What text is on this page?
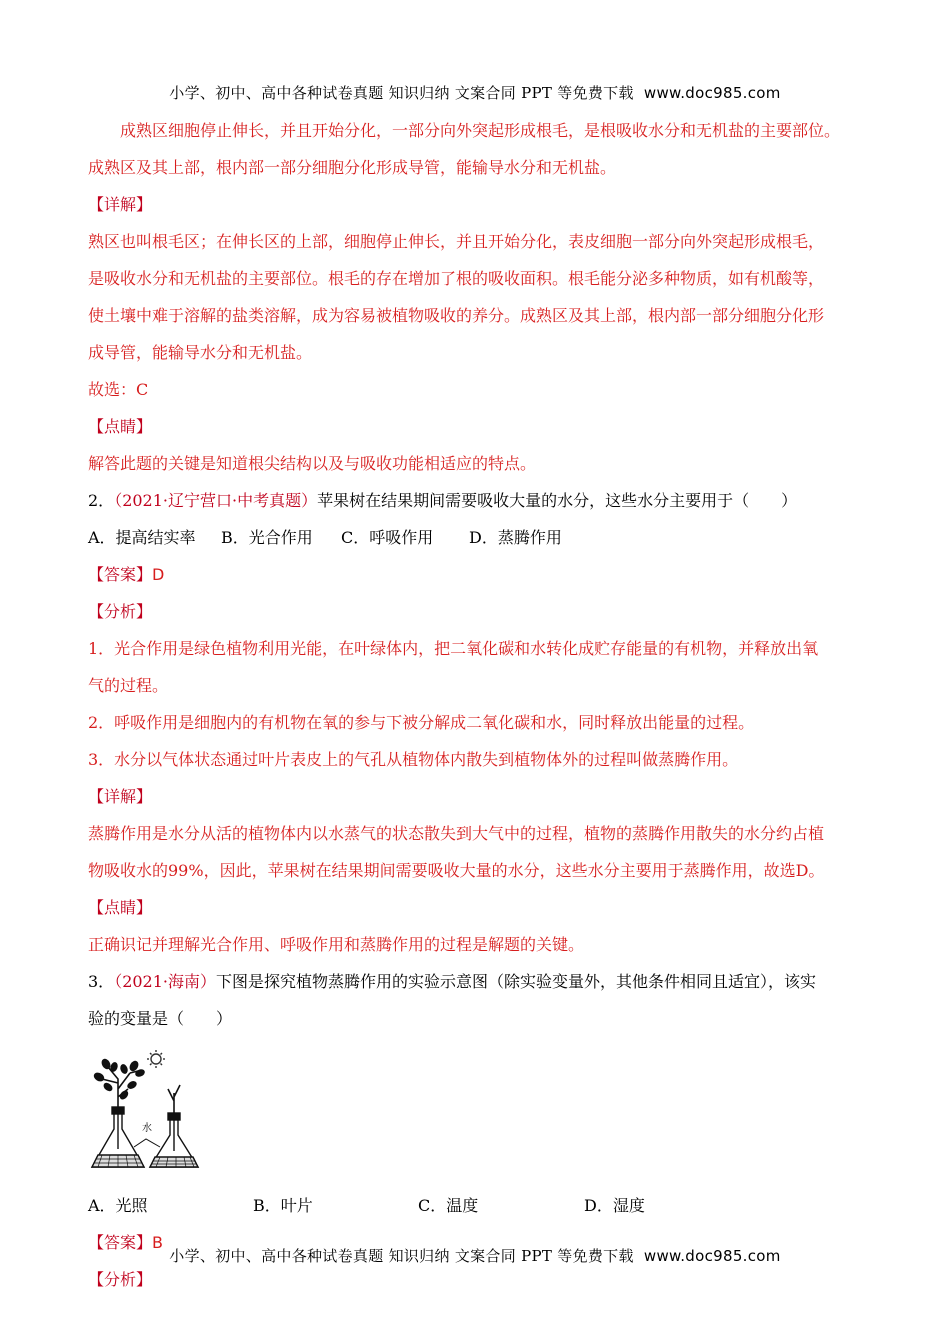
小学、初中、高中各种试卷真题 知识归纳 文案合同 PPT 等免费下载 www.doc985.com
成熟区细胞停止伸长，并且开始分化，一部分向外突起形成根毛，是根吸收水分和无机盐的主要部位。
成熟区及其上部，根内部一部分细胞分化形成导管，能输导水分和无机盐。
【详解】
熟区也叫根毛区；在伸长区的上部，细胞停止伸长，并且开始分化，表皮细胞一部分向外突起形成根毛，
是吸收水分和无机盐的主要部位。根毛的存在增加了根的吸收面积。根毛能分泌多种物质，如有机酸等，
使土壤中难于溶解的盐类溶解，成为容易被植物吸收的养分。成熟区及其上部，根内部一部分细胞分化形
成导管，能输导水分和无机盐。
故选：C
【点睛】
解答此题的关键是知道根尖结构以及与吸收功能相适应的特点。
2．（2021·辽宁营口·中考真题）苹果树在结果期间需要吸收大量的水分，这些水分主要用于（　　）
A．提高结实率	B．光合作用	C．呼吸作用	D．蒸腾作用
【答案】D
【分析】
1．光合作用是绿色植物利用光能，在叶绿体内，把二氧化碳和水转化成贮存能量的有机物，并释放出氧
气的过程。
2．呼吸作用是细胞内的有机物在氧的参与下被分解成二氧化碳和水，同时释放出能量的过程。
3．水分以气体状态通过叶片表皮上的气孔从植物体内散失到植物体外的过程叫做蒸腾作用。
【详解】
蒸腾作用是水分从活的植物体内以水蒸气的状态散失到大气中的过程，植物的蒸腾作用散失的水分约占植
物吸收水的99%，因此，苹果树在结果期间需要吸收大量的水分，这些水分主要用于蒸腾作用，故选D。
【点睛】
正确识记并理解光合作用、呼吸作用和蒸腾作用的过程是解题的关键。
3．（2021·海南）下图是探究植物蒸腾作用的实验示意图（除实验变量外，其他条件相同且适宜），该实
验的变量是（　　）
水
A．光照	B．叶片	C．温度	D．湿度
【答案】B
【分析】
小学、初中、高中各种试卷真题 知识归纳 文案合同 PPT 等免费下载 www.doc985.com
